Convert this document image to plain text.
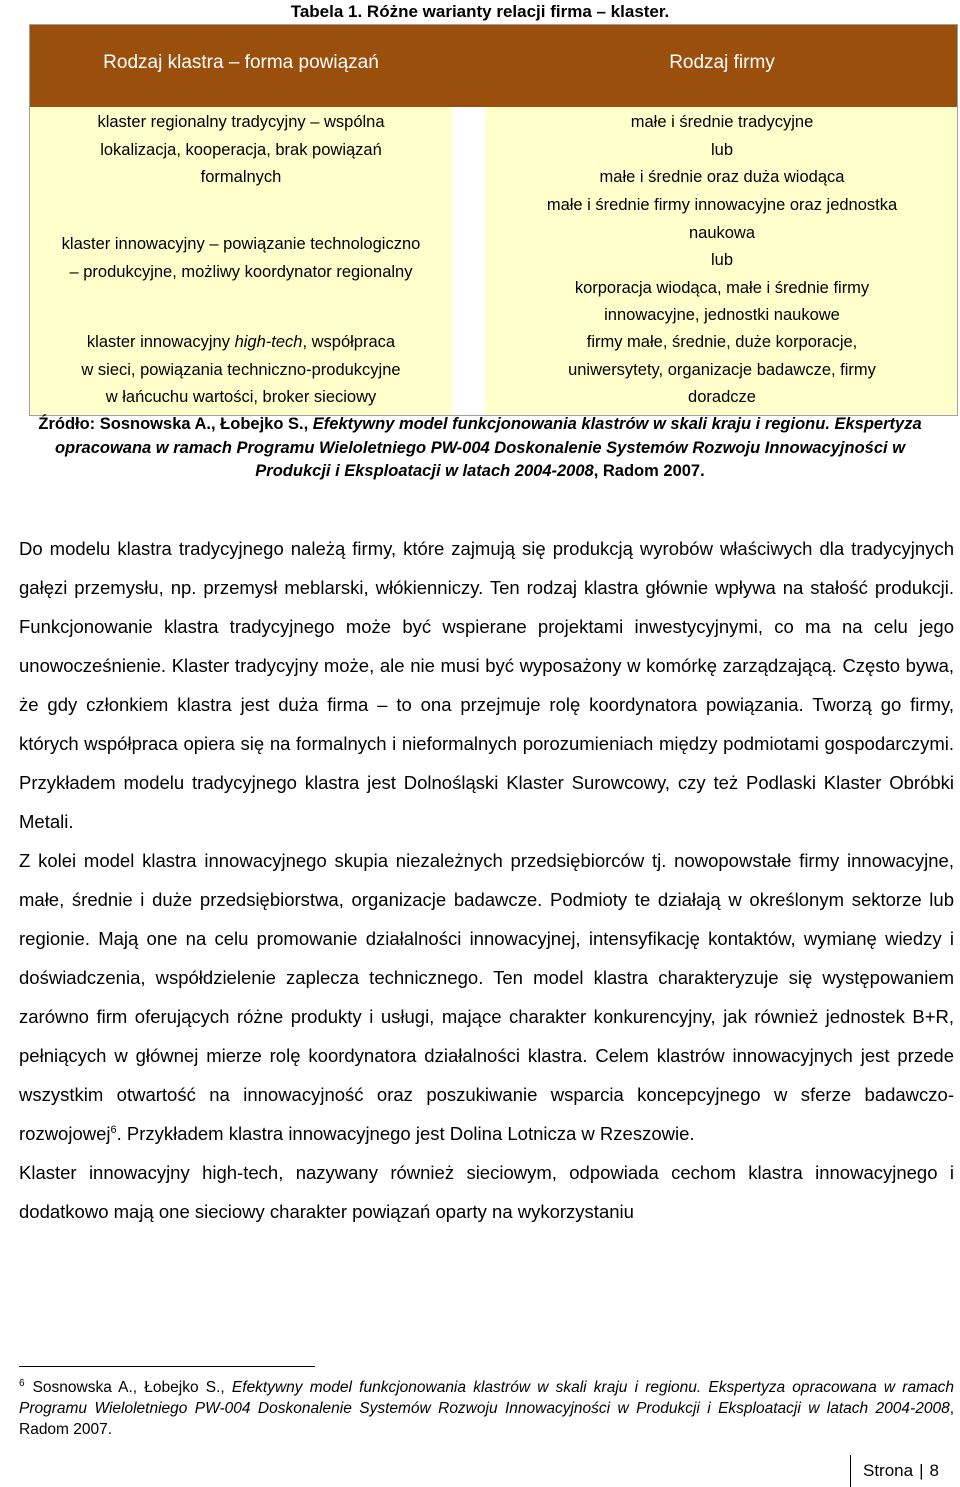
Tabela 1. Różne warianty relacji firma – klaster.
Rodzaj klastra – forma powiązań	Rodzaj firmy
klaster regionalny tradycyjny – wspólna
lokalizacja, kooperacja, brak powiązań
formalnych
małe i średnie tradycyjne
lub
małe i średnie oraz duża wiodąca
klaster innowacyjny – powiązanie technologiczno
– produkcyjne, możliwy koordynator regionalny
małe i średnie firmy innowacyjne oraz jednostka
naukowa
lub
korporacja wiodąca, małe i średnie firmy
innowacyjne, jednostki naukowe
klaster innowacyjny high-tech, współpraca
w sieci, powiązania techniczno-produkcyjne
w łańcuchu wartości, broker sieciowy
firmy małe, średnie, duże korporacje,
uniwersytety, organizacje badawcze, firmy
doradcze
Źródło: Sosnowska A., Łobejko S., Efektywny model funkcjonowania klastrów w skali kraju i regionu. Ekspertyza opracowana w ramach Programu Wieloletniego PW-004 Doskonalenie Systemów Rozwoju Innowacyjności w Produkcji i Eksploatacji w latach 2004-2008, Radom 2007.

Do modelu klastra tradycyjnego należą firmy, które zajmują się produkcją wyrobów właściwych dla tradycyjnych gałęzi przemysłu, np. przemysł meblarski, włókienniczy. Ten rodzaj klastra głównie wpływa na stałość produkcji. Funkcjonowanie klastra tradycyjnego może być wspierane projektami inwestycyjnymi, co ma na celu jego unowocześnienie. Klaster tradycyjny może, ale nie musi być wyposażony w komórkę zarządzającą. Często bywa, że gdy członkiem klastra jest duża firma – to ona przejmuje rolę koordynatora powiązania. Tworzą go firmy, których współpraca opiera się na formalnych i nieformalnych porozumieniach między podmiotami gospodarczymi. Przykładem modelu tradycyjnego klastra jest Dolnośląski Klaster Surowcowy, czy też Podlaski Klaster Obróbki Metali.

Z kolei model klastra innowacyjnego skupia niezależnych przedsiębiorców tj. nowopowstałe firmy innowacyjne, małe, średnie i duże przedsiębiorstwa, organizacje badawcze. Podmioty te działają w określonym sektorze lub regionie. Mają one na celu promowanie działalności innowacyjnej, intensyfikację kontaktów, wymianę wiedzy i doświadczenia, współdzielenie zaplecza technicznego. Ten model klastra charakteryzuje się występowaniem zarówno firm oferujących różne produkty i usługi, mające charakter konkurencyjny, jak również jednostek B+R, pełniących w głównej mierze rolę koordynatora działalności klastra. Celem klastrów innowacyjnych jest przede wszystkim otwartość na innowacyjność oraz poszukiwanie wsparcia koncepcyjnego w sferze badawczo-rozwojowej$^6$. Przykładem klastra innowacyjnego jest Dolina Lotnicza w Rzeszowie.

Klaster innowacyjny high-tech, nazywany również sieciowym, odpowiada cechom klastra innowacyjnego i dodatkowo mają one sieciowy charakter powiązań oparty na wykorzystaniu

$^6$ Sosnowska A., Łobejko S., Efektywny model funkcjonowania klastrów w skali kraju i regionu. Ekspertyza opracowana w ramach Programu Wieloletniego PW-004 Doskonalenie Systemów Rozwoju Innowacyjności w Produkcji i Eksploatacji w latach 2004-2008, Radom 2007.
Strona | 8
